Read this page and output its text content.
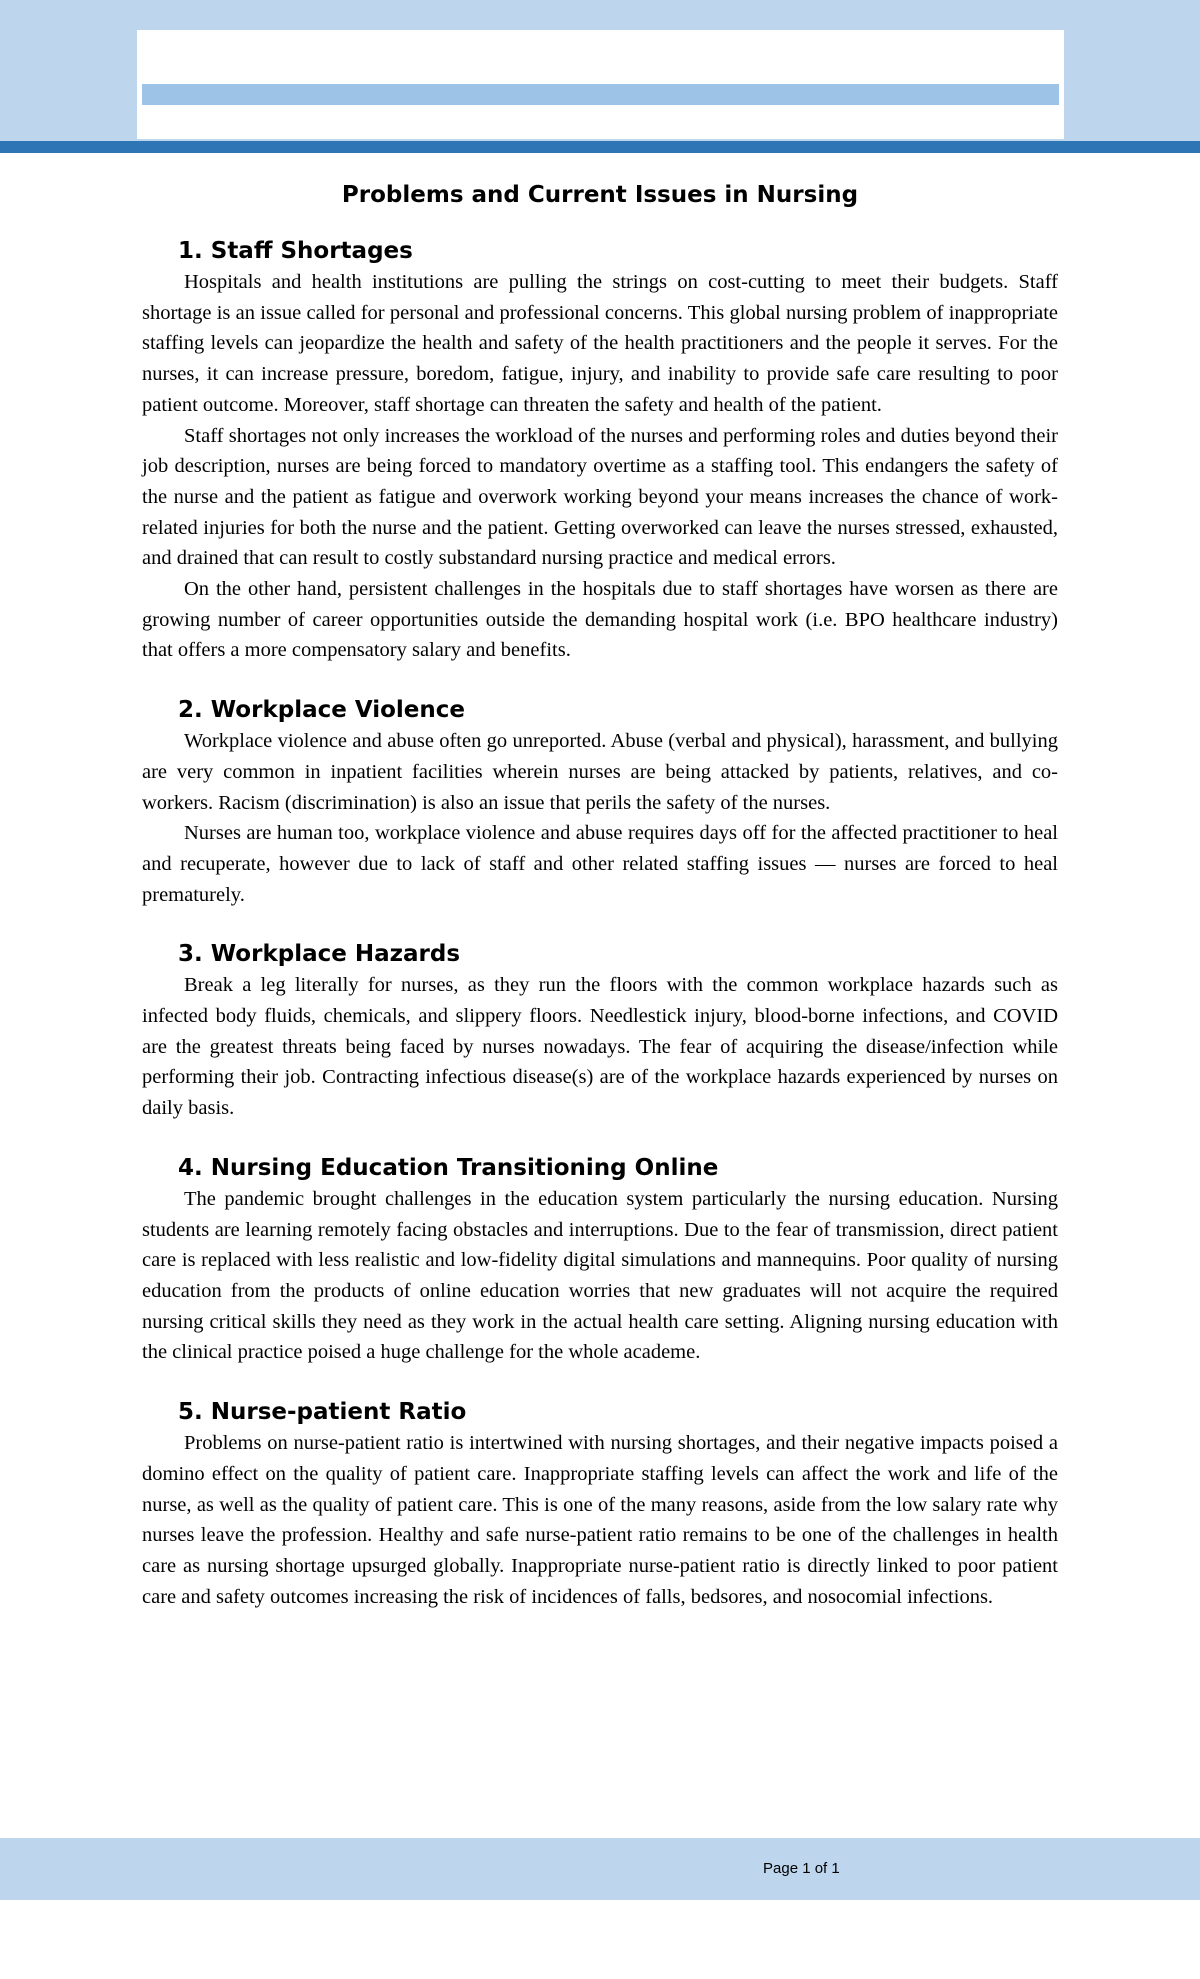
Problems and Current Issues in Nursing
1. Staff Shortages

Hospitals and health institutions are pulling the strings on cost-cutting to meet their budgets. Staff shortage is an issue called for personal and professional concerns. This global nursing problem of inappropriate staffing levels can jeopardize the health and safety of the health practitioners and the people it serves. For the nurses, it can increase pressure, boredom, fatigue, injury, and inability to provide safe care resulting to poor patient outcome. Moreover, staff shortage can threaten the safety and health of the patient.

Staff shortages not only increases the workload of the nurses and performing roles and duties beyond their job description, nurses are being forced to mandatory overtime as a staffing tool. This endangers the safety of the nurse and the patient as fatigue and overwork working beyond your means increases the chance of work-related injuries for both the nurse and the patient. Getting overworked can leave the nurses stressed, exhausted, and drained that can result to costly substandard nursing practice and medical errors.

On the other hand, persistent challenges in the hospitals due to staff shortages have worsen as there are growing number of career opportunities outside the demanding hospital work (i.e. BPO healthcare industry) that offers a more compensatory salary and benefits.

2. Workplace Violence

Workplace violence and abuse often go unreported. Abuse (verbal and physical), harassment, and bullying are very common in inpatient facilities wherein nurses are being attacked by patients, relatives, and co-workers. Racism (discrimination) is also an issue that perils the safety of the nurses.

Nurses are human too, workplace violence and abuse requires days off for the affected practitioner to heal and recuperate, however due to lack of staff and other related staffing issues — nurses are forced to heal prematurely.

3. Workplace Hazards

Break a leg literally for nurses, as they run the floors with the common workplace hazards such as infected body fluids, chemicals, and slippery floors. Needlestick injury, blood-borne infections, and COVID are the greatest threats being faced by nurses nowadays. The fear of acquiring the disease/infection while performing their job. Contracting infectious disease(s) are of the workplace hazards experienced by nurses on daily basis.

4. Nursing Education Transitioning Online

The pandemic brought challenges in the education system particularly the nursing education. Nursing students are learning remotely facing obstacles and interruptions. Due to the fear of transmission, direct patient care is replaced with less realistic and low-fidelity digital simulations and mannequins. Poor quality of nursing education from the products of online education worries that new graduates will not acquire the required nursing critical skills they need as they work in the actual health care setting. Aligning nursing education with the clinical practice poised a huge challenge for the whole academe.

5. Nurse-patient Ratio

Problems on nurse-patient ratio is intertwined with nursing shortages, and their negative impacts poised a domino effect on the quality of patient care. Inappropriate staffing levels can affect the work and life of the nurse, as well as the quality of patient care. This is one of the many reasons, aside from the low salary rate why nurses leave the profession. Healthy and safe nurse-patient ratio remains to be one of the challenges in health care as nursing shortage upsurged globally. Inappropriate nurse-patient ratio is directly linked to poor patient care and safety outcomes increasing the risk of incidences of falls, bedsores, and nosocomial infections.

Page 1 of 1
